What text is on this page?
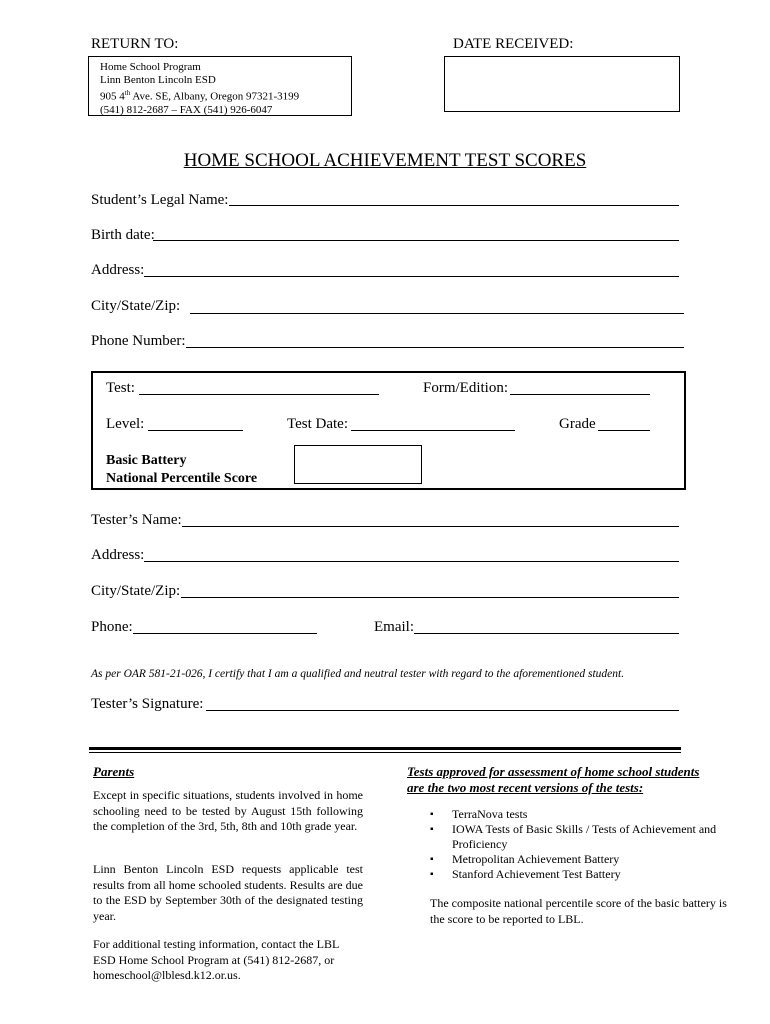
RETURN TO:	DATE RECEIVED:
Home School Program
Linn Benton Lincoln ESD
905 4th Ave. SE, Albany, Oregon 97321-3199
(541) 812-2687 – FAX (541) 926-6047
HOME SCHOOL ACHIEVEMENT TEST SCORES
Student’s Legal Name:
Birth date:
Address:
City/State/Zip:
Phone Number:
Test:	Form/Edition:
Level:	Test Date:	Grade
Basic Battery
National Percentile Score
Tester’s Name:
Address:
City/State/Zip:
Phone:	Email:
As per OAR 581-21-026, I certify that I am a qualified and neutral tester with regard to the aforementioned student.
Tester’s Signature:
Parents
Except in specific situations, students involved in home schooling need to be tested by August 15th following the completion of the 3rd, 5th, 8th and 10th grade year.
Linn Benton Lincoln ESD requests applicable test results from all home schooled students. Results are due to the ESD by September 30th of the designated testing year.
For additional testing information, contact the LBL ESD Home School Program at (541) 812-2687, or homeschool@lblesd.k12.or.us.
Tests approved for assessment of home school students
are the two most recent versions of the tests:
▪ TerraNova tests
▪ IOWA Tests of Basic Skills / Tests of Achievement and Proficiency
▪ Metropolitan Achievement Battery
▪ Stanford Achievement Test Battery
The composite national percentile score of the basic battery is the score to be reported to LBL.
